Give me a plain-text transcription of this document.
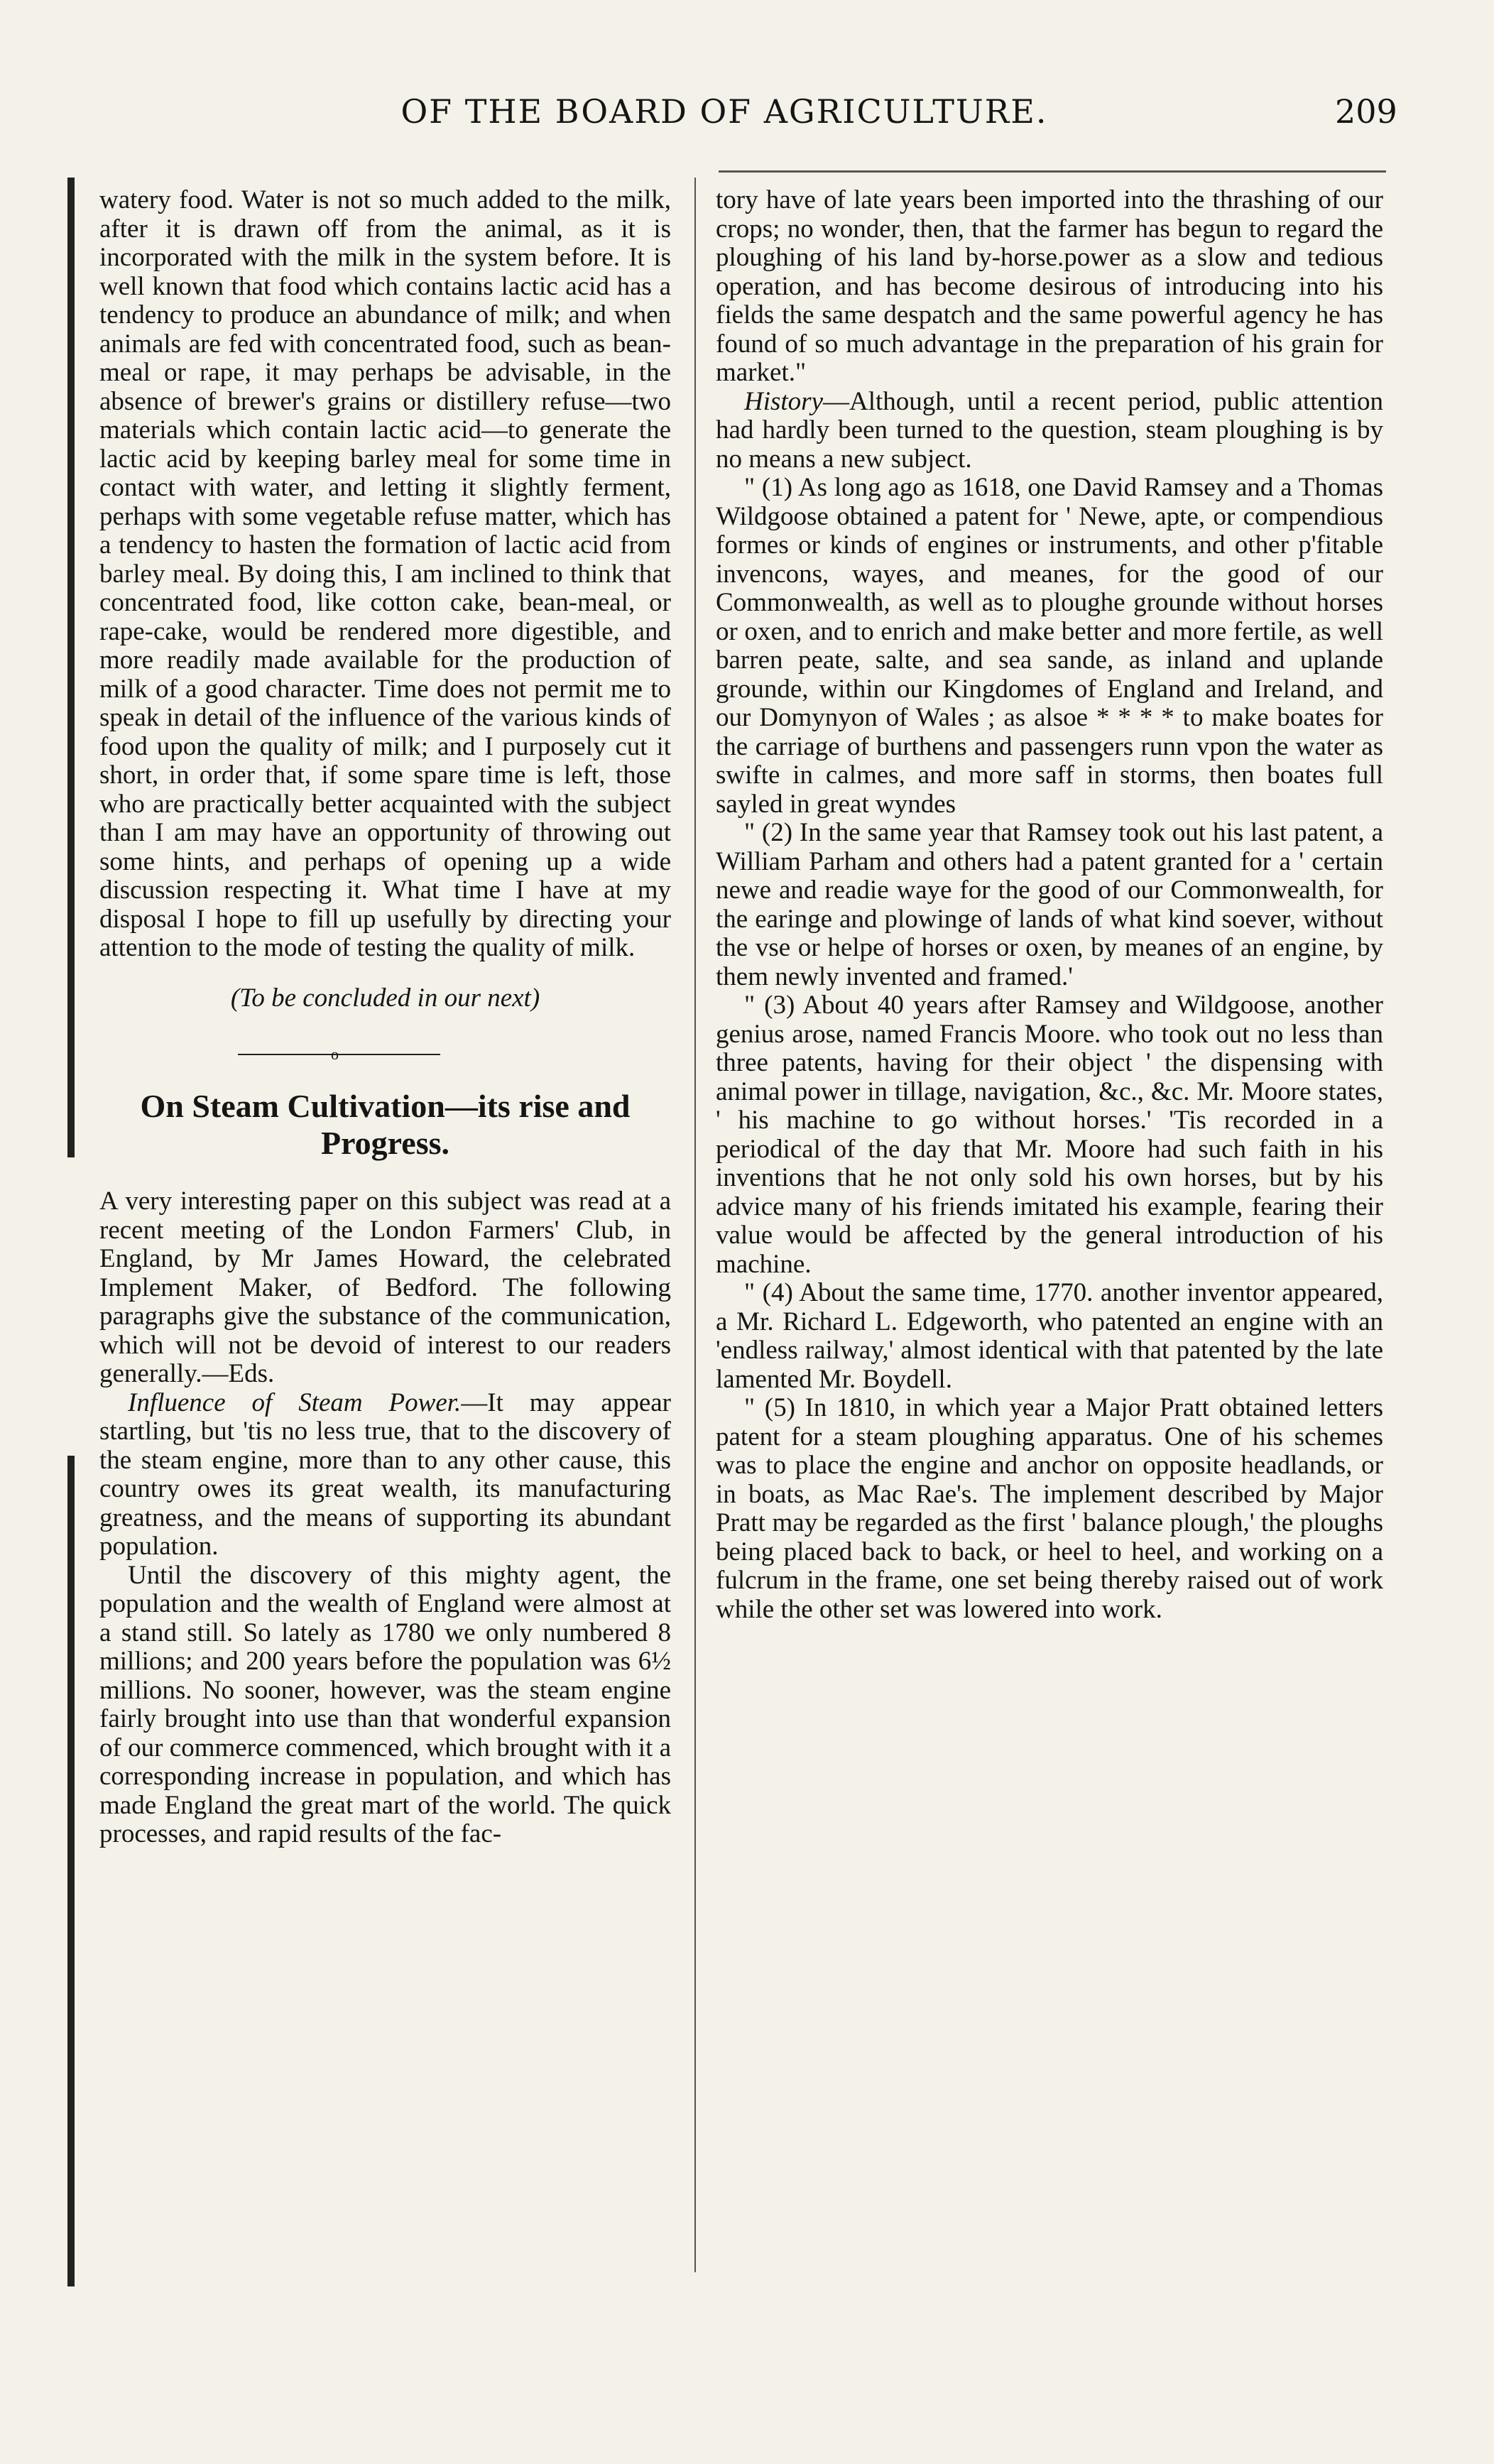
OF THE BOARD OF AGRICULTURE.	209

watery food. Water is not so much added to the milk, after it is drawn off from the animal, as it is incorporated with the milk in the system before. It is well known that food which contains lactic acid has a tendency to produce an abundance of milk; and when animals are fed with concentrated food, such as bean-meal or rape, it may perhaps be advisable, in the absence of brewer's grains or distillery refuse—two materials which contain lactic acid—to generate the lactic acid by keeping barley meal for some time in contact with water, and letting it slightly ferment, perhaps with some vegetable refuse matter, which has a tendency to hasten the formation of lactic acid from barley meal. By doing this, I am inclined to think that concentrated food, like cotton cake, bean-meal, or rape-cake, would be rendered more digestible, and more readily made available for the production of milk of a good character. Time does not permit me to speak in detail of the influence of the various kinds of food upon the quality of milk; and I purposely cut it short, in order that, if some spare time is left, those who are practically better acquainted with the subject than I am may have an opportunity of throwing out some hints, and perhaps of opening up a wide discussion respecting it. What time I have at my disposal I hope to fill up usefully by directing your attention to the mode of testing the quality of milk.

(To be concluded in our next)

o

On Steam Cultivation—its rise and
Progress.

A very interesting paper on this subject was read at a recent meeting of the London Farmers' Club, in England, by Mr James Howard, the celebrated Implement Maker, of Bedford. The following paragraphs give the substance of the communication, which will not be devoid of interest to our readers generally.—Eds.

Influence of Steam Power.—It may appear startling, but 'tis no less true, that to the discovery of the steam engine, more than to any other cause, this country owes its great wealth, its manufacturing greatness, and the means of supporting its abundant population.

Until the discovery of this mighty agent, the population and the wealth of England were almost at a stand still. So lately as 1780 we only numbered 8 millions; and 200 years before the population was 6½ millions. No sooner, however, was the steam engine fairly brought into use than that wonderful expansion of our commerce commenced, which brought with it a corresponding increase in population, and which has made England the great mart of the world. The quick processes, and rapid results of the fac-

tory have of late years been imported into the thrashing of our crops; no wonder, then, that the farmer has begun to regard the ploughing of his land by-horse.power as a slow and tedious operation, and has become desirous of introducing into his fields the same despatch and the same powerful agency he has found of so much advantage in the preparation of his grain for market."

History—Although, until a recent period, public attention had hardly been turned to the question, steam ploughing is by no means a new subject.

" (1) As long ago as 1618, one David Ramsey and a Thomas Wildgoose obtained a patent for ' Newe, apte, or compendious formes or kinds of engines or instruments, and other p'fitable invencons, wayes, and meanes, for the good of our Commonwealth, as well as to ploughe grounde without horses or oxen, and to enrich and make better and more fertile, as well barren peate, salte, and sea sande, as inland and uplande grounde, within our Kingdomes of England and Ireland, and our Domynyon of Wales ; as alsoe * * * * to make boates for the carriage of burthens and passengers runn vpon the water as swifte in calmes, and more saff in storms, then boates full sayled in great wyndes

" (2) In the same year that Ramsey took out his last patent, a William Parham and others had a patent granted for a ' certain newe and readie waye for the good of our Commonwealth, for the earinge and plowinge of lands of what kind soever, without the vse or helpe of horses or oxen, by meanes of an engine, by them newly invented and framed.'

" (3) About 40 years after Ramsey and Wildgoose, another genius arose, named Francis Moore. who took out no less than three patents, having for their object ' the dispensing with animal power in tillage, navigation, &c., &c. Mr. Moore states, ' his machine to go without horses.' 'Tis recorded in a periodical of the day that Mr. Moore had such faith in his inventions that he not only sold his own horses, but by his advice many of his friends imitated his example, fearing their value would be affected by the general introduction of his machine.

" (4) About the same time, 1770. another inventor appeared, a Mr. Richard L. Edgeworth, who patented an engine with an 'endless railway,' almost identical with that patented by the late lamented Mr. Boydell.

" (5) In 1810, in which year a Major Pratt obtained letters patent for a steam ploughing apparatus. One of his schemes was to place the engine and anchor on opposite headlands, or in boats, as Mac Rae's. The implement described by Major Pratt may be regarded as the first ' balance plough,' the ploughs being placed back to back, or heel to heel, and working on a fulcrum in the frame, one set being thereby raised out of work while the other set was lowered into work.
